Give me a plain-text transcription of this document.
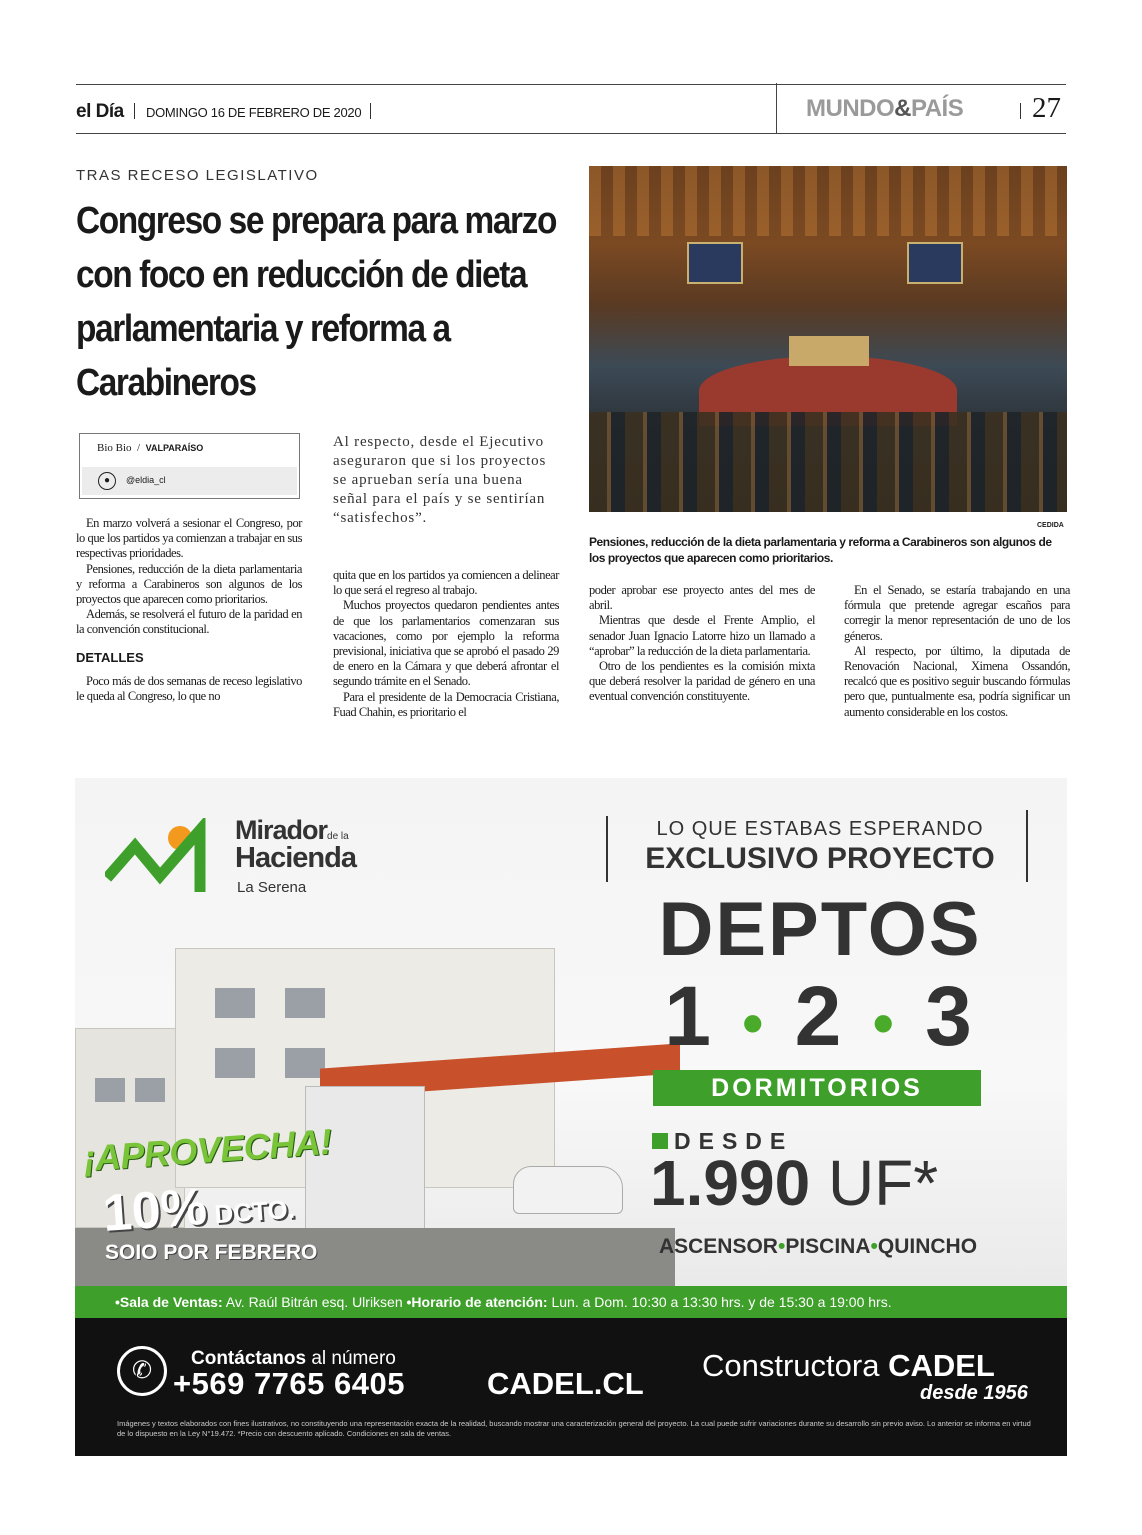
el Día DOMINGO 16 DE FEBRERO DE 2020	MUNDO&PAÍS 27
TRAS RECESO LEGISLATIVO
Congreso se prepara para marzo con foco en reducción de dieta parlamentaria y reforma a Carabineros
Bio Bio / VALPARAÍSO
●	@eldia_cl
Al respecto, desde el Ejecutivo aseguraron que si los proyectos se aprueban sería una buena señal para el país y se sentirían “satisfechos”.

En marzo volverá a sesionar el Congreso, por lo que los partidos ya comienzan a trabajar en sus respectivas prioridades.

Pensiones, reducción de la dieta parlamentaria y reforma a Carabineros son algunos de los proyectos que aparecen como prioritarios.

Además, se resolverá el futuro de la paridad en la convención constitucional.

DETALLES

Poco más de dos semanas de receso legislativo le queda al Congreso, lo que no

quita que en los partidos ya comiencen a delinear lo que será el regreso al trabajo.

Muchos proyectos quedaron pendientes antes de que los parlamentarios comenzaran sus vacaciones, como por ejemplo la reforma previsional, iniciativa que se aprobó el pasado 29 de enero en la Cámara y que deberá afrontar el segundo trámite en el Senado.

Para el presidente de la Democracia Cristiana, Fuad Chahin, es prioritario el

poder aprobar ese proyecto antes del mes de abril.

Mientras que desde el Frente Amplio, el senador Juan Ignacio Latorre hizo un llamado a “aprobar” la reducción de la dieta parlamentaria.

Otro de los pendientes es la comisión mixta que deberá resolver la paridad de género en una eventual convención constituyente.

En el Senado, se estaría trabajando en una fórmula que pretende agregar escaños para corregir la menor representación de uno de los géneros.

Al respecto, por último, la diputada de Renovación Nacional, Ximena Ossandón, recalcó que es positivo seguir buscando fórmulas pero que, puntualmente esa, podría significar un aumento considerable en los costos.

CEDIDA
Pensiones, reducción de la dieta parlamentaria y reforma a Carabineros son algunos de los proyectos que aparecen como prioritarios.
Miradorde la
Hacienda
La Serena
LO QUE ESTABAS ESPERANDO
EXCLUSIVO PROYECTO
DEPTOS
1 • 2 • 3
DORMITORIOS
DESDE
1.990 UF*
ASCENSOR•PISCINA•QUINCHO
¡APROVECHA!
10% DCTO.
SOIO POR FEBRERO
•Sala de Ventas: Av. Raúl Bitrán esq. Ulriksen •Horario de atención: Lun. a Dom. 10:30 a 13:30 hrs. y de 15:30 a 19:00 hrs.
✆	Contáctanos al número
+569 7765 6405	CADEL.CL
Constructora CADEL
desde 1956
Imágenes y textos elaborados con fines ilustrativos, no constituyendo una representación exacta de la realidad, buscando mostrar una caracterización general del proyecto. La cual puede sufrir variaciones durante su desarrollo sin previo aviso. Lo anterior se informa en virtud de lo dispuesto en la Ley N°19.472. *Precio con descuento aplicado. Condiciones en sala de ventas.
